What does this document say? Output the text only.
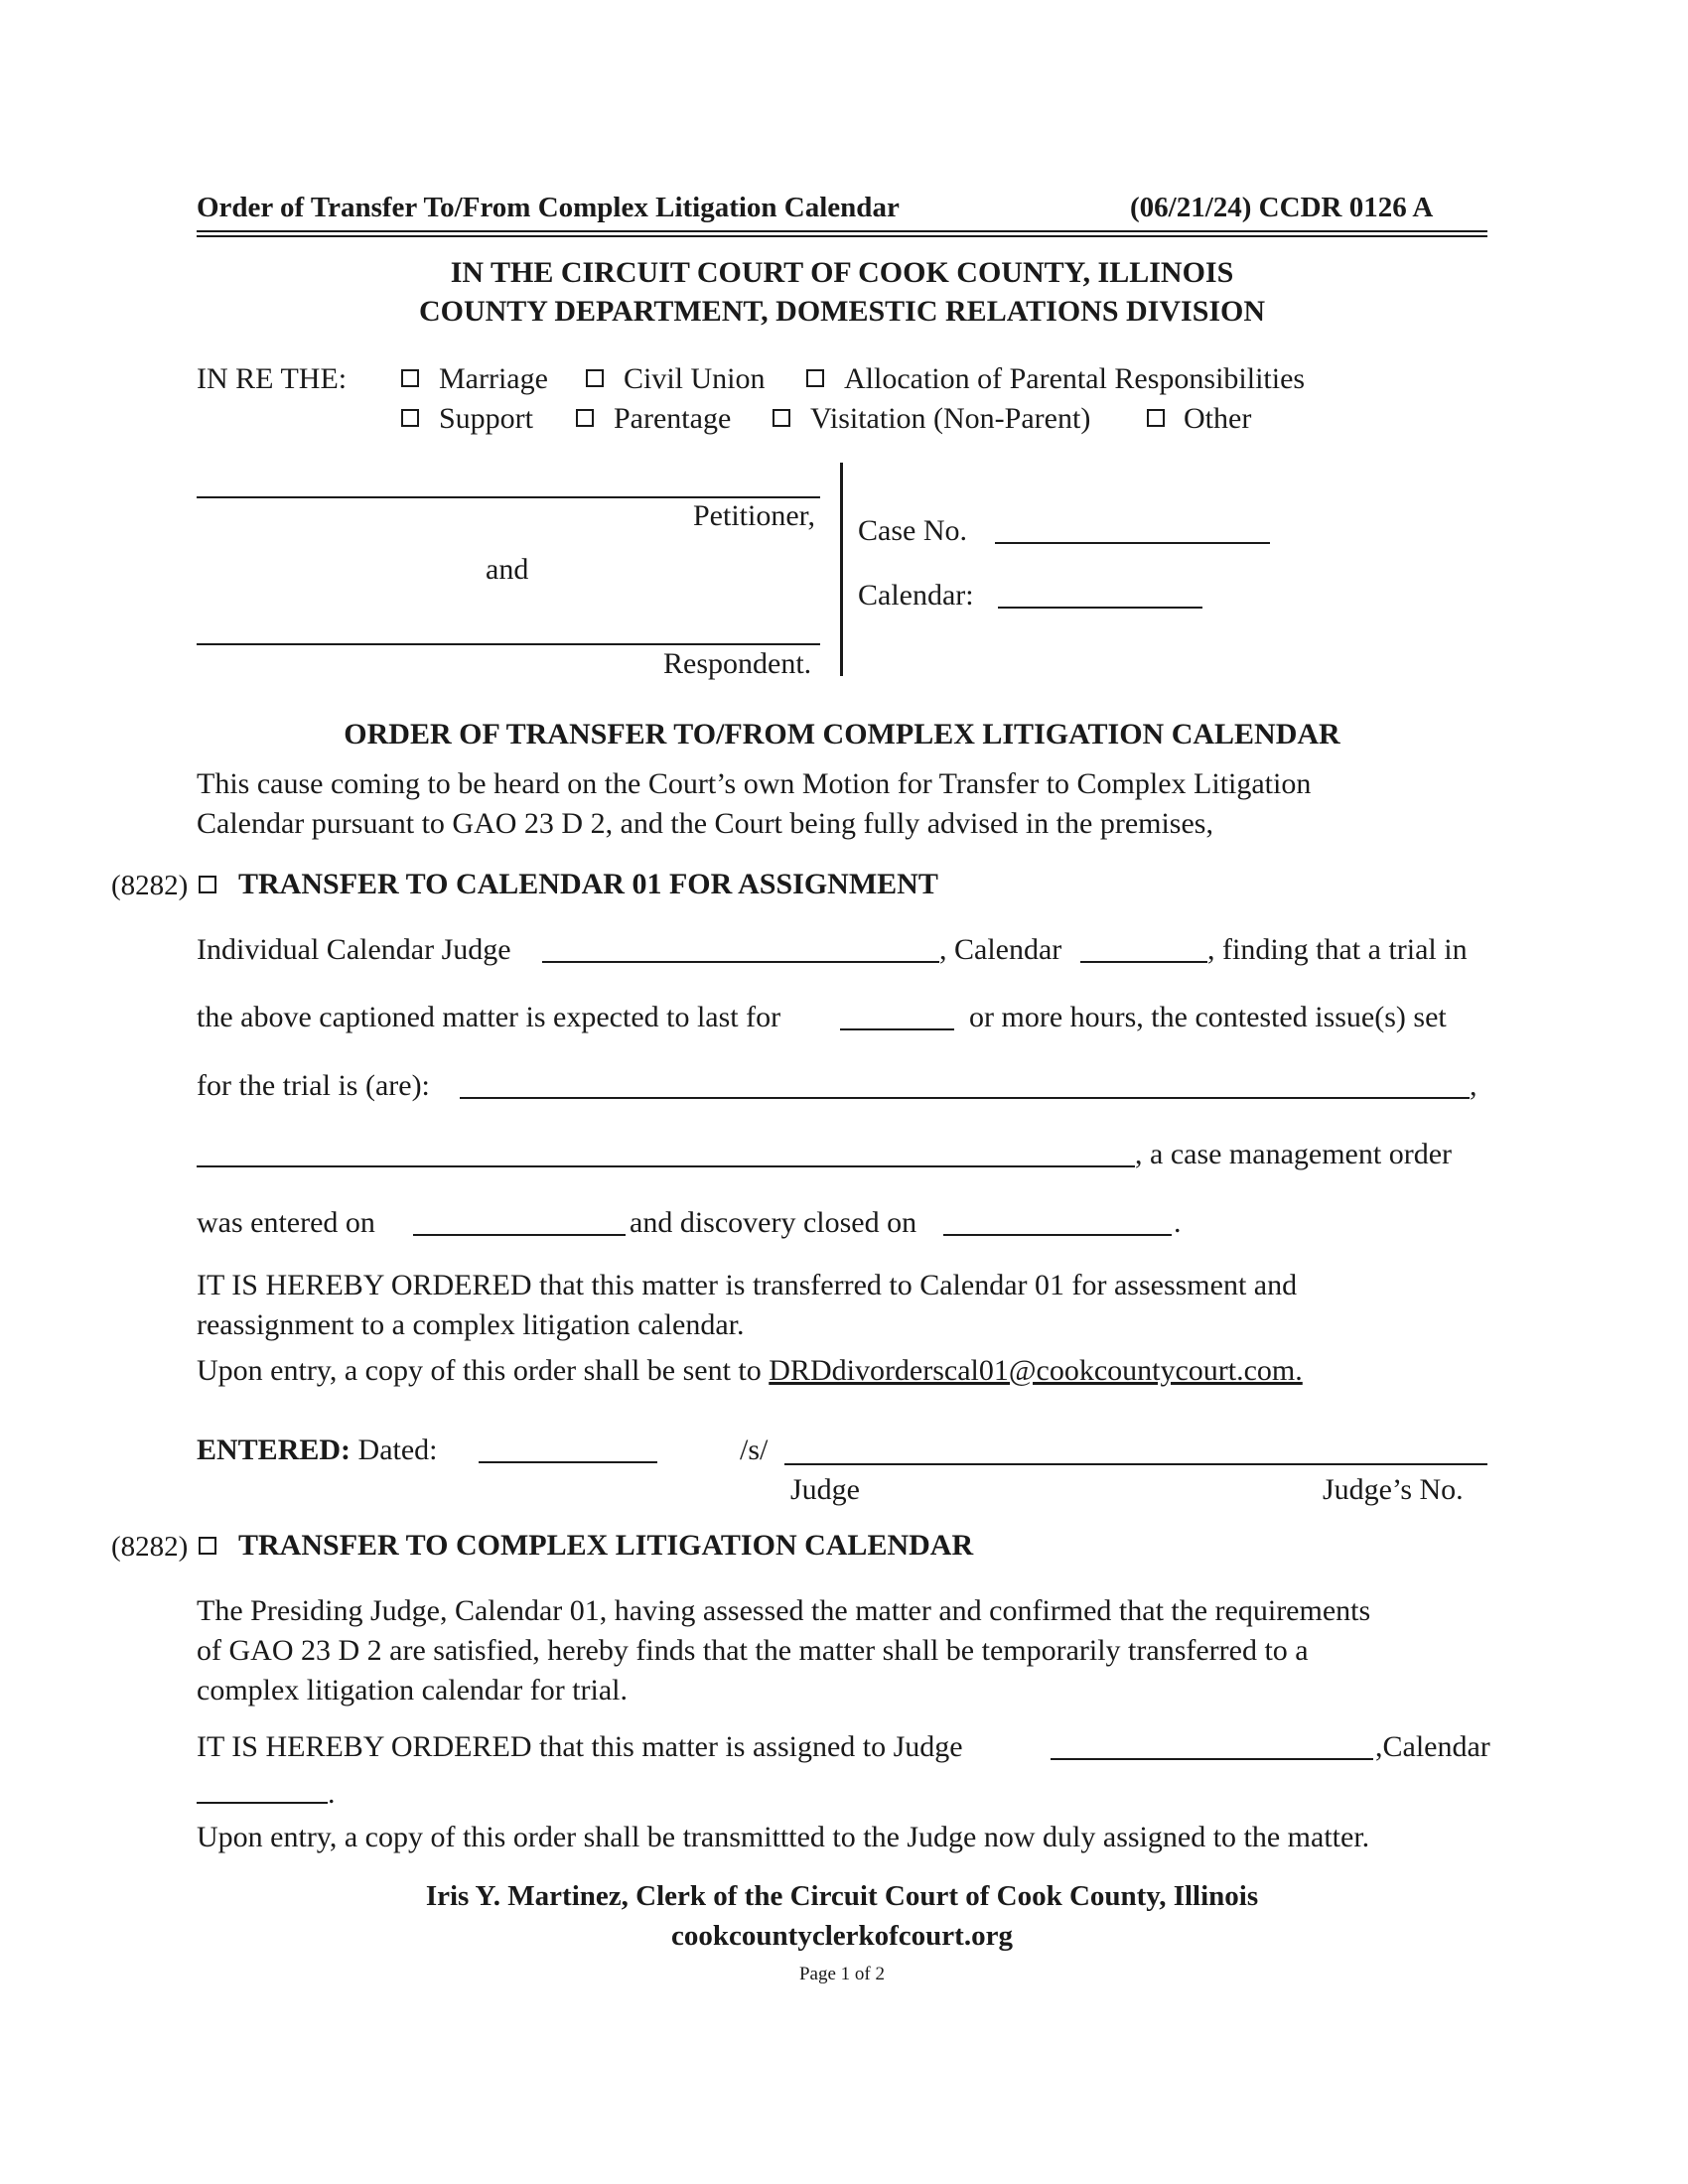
Order of Transfer To/From Complex Litigation Calendar	(06/21/24) CCDR 0126 A
IN THE CIRCUIT COURT OF COOK COUNTY, ILLINOIS
COUNTY DEPARTMENT, DOMESTIC RELATIONS DIVISION
IN RE THE:	Marriage	Civil Union	Allocation of Parental Responsibilities
Support	Parentage	Visitation (Non-Parent)	Other
Petitioner,
and
Respondent.
Case No.
Calendar:
ORDER OF TRANSFER TO/FROM COMPLEX LITIGATION CALENDAR
This cause coming to be heard on the Court’s own Motion for Transfer to Complex Litigation
Calendar pursuant to GAO 23 D 2, and the Court being fully advised in the premises,
(8282) TRANSFER TO CALENDAR 01 FOR ASSIGNMENT
Individual Calendar Judge	, Calendar	, finding that a trial in
the above captioned matter is expected to last for	or more hours, the contested issue(s) set
for the trial is (are):	,
, a case management order
was entered on	and discovery closed on	.
IT IS HEREBY ORDERED that this matter is transferred to Calendar 01 for assessment and
reassignment to a complex litigation calendar.
Upon entry, a copy of this order shall be sent to DRDdivorderscal01@cookcountycourt.com.
ENTERED: Dated:	/s/
Judge	Judge’s No.
(8282) TRANSFER TO COMPLEX LITIGATION CALENDAR
The Presiding Judge, Calendar 01, having assessed the matter and confirmed that the requirements
of GAO 23 D 2 are satisfied, hereby finds that the matter shall be temporarily transferred to a
complex litigation calendar for trial.
IT IS HEREBY ORDERED that this matter is assigned to Judge	,Calendar
.
Upon entry, a copy of this order shall be transmittted to the Judge now duly assigned to the matter.
Iris Y. Martinez, Clerk of the Circuit Court of Cook County, Illinois
cookcountyclerkofcourt.org
Page 1 of 2
